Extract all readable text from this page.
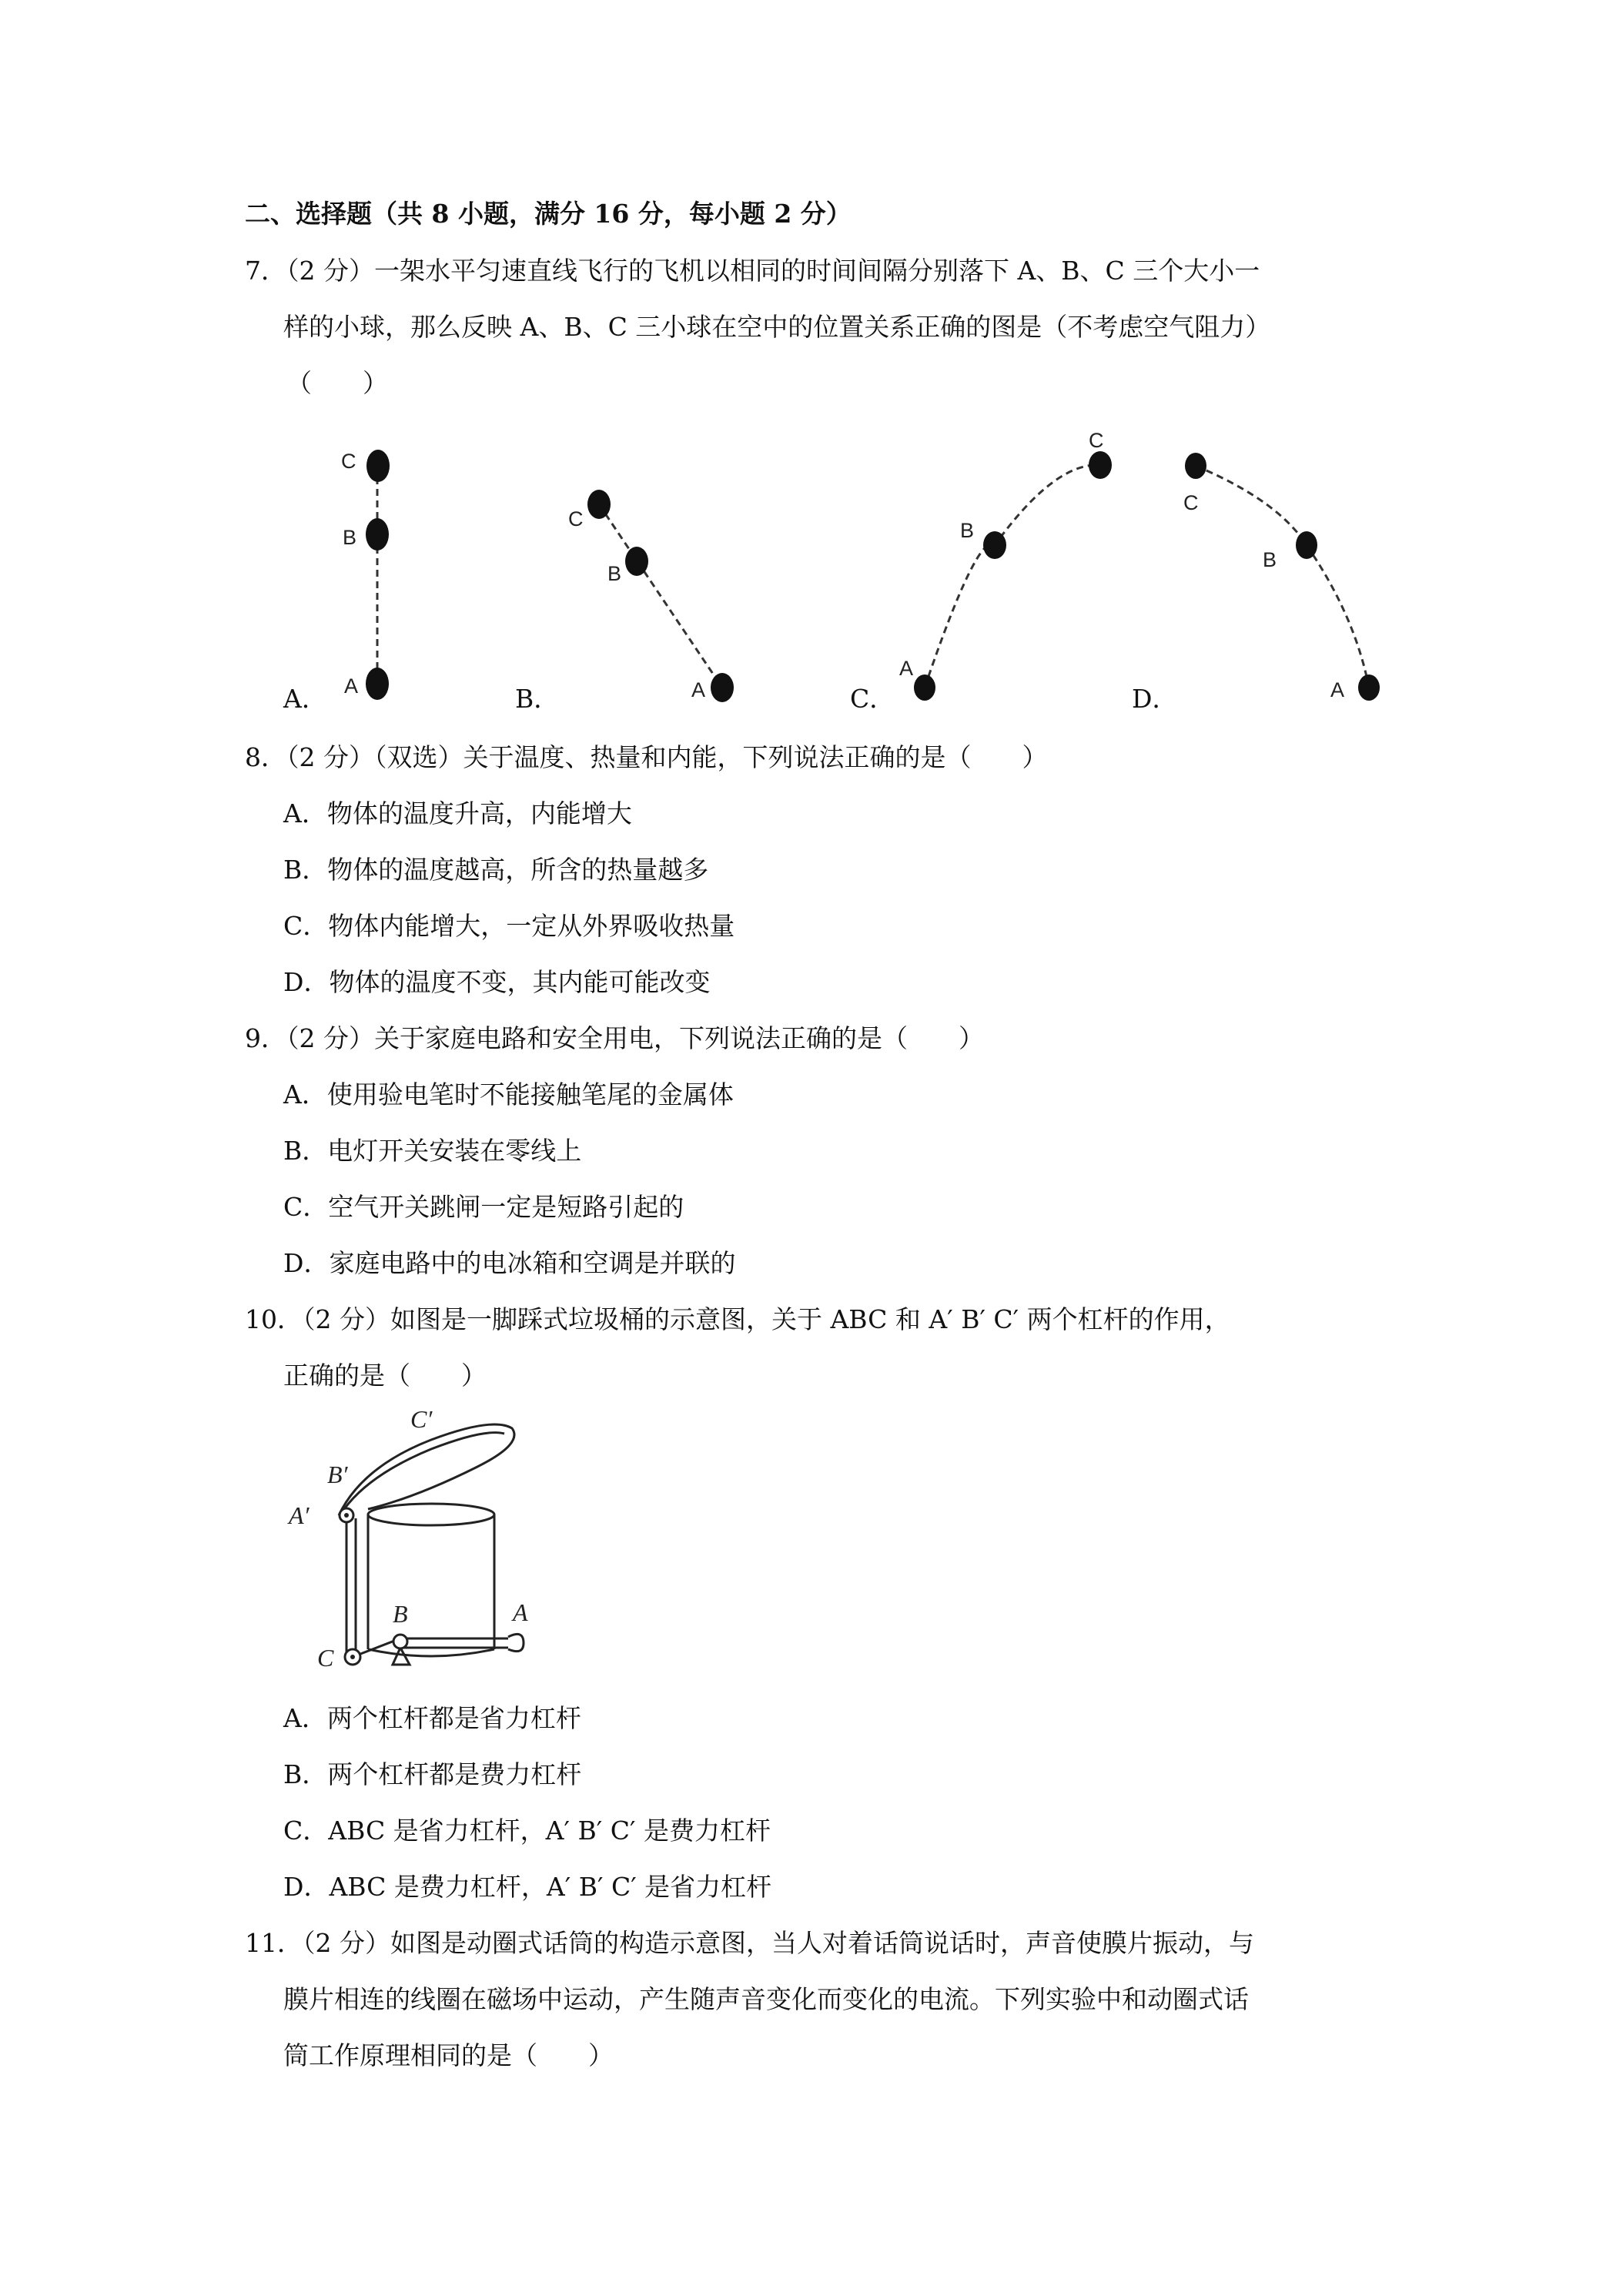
二、选择题（共 8 小题，满分 16 分，每小题 2 分）
7．（2 分）一架水平匀速直线飞行的飞机以相同的时间间隔分别落下 A、B、C 三个大小一
样的小球，那么反映 A、B、C 三小球在空中的位置关系正确的图是（不考虑空气阻力）
（　　）
C
B
A
C
B
A
A
B
C
C
B
A
A．	B．	C．	D．
8．（2 分）（双选）关于温度、热量和内能，下列说法正确的是（　　）
A．物体的温度升高，内能增大
B．物体的温度越高，所含的热量越多
C．物体内能增大，一定从外界吸收热量
D．物体的温度不变，其内能可能改变
9．（2 分）关于家庭电路和安全用电，下列说法正确的是（　　）
A．使用验电笔时不能接触笔尾的金属体
B．电灯开关安装在零线上
C．空气开关跳闸一定是短路引起的
D．家庭电路中的电冰箱和空调是并联的
10．（2 分）如图是一脚踩式垃圾桶的示意图，关于 ABC 和 A′ B′ C′ 两个杠杆的作用，
正确的是（　　）
C′
B′
A′
B	A
C
A．两个杠杆都是省力杠杆
B．两个杠杆都是费力杠杆
C．ABC 是省力杠杆，A′ B′ C′ 是费力杠杆
D．ABC 是费力杠杆，A′ B′ C′ 是省力杠杆
11．（2 分）如图是动圈式话筒的构造示意图，当人对着话筒说话时，声音使膜片振动，与
膜片相连的线圈在磁场中运动，产生随声音变化而变化的电流。下列实验中和动圈式话
筒工作原理相同的是（　　）
